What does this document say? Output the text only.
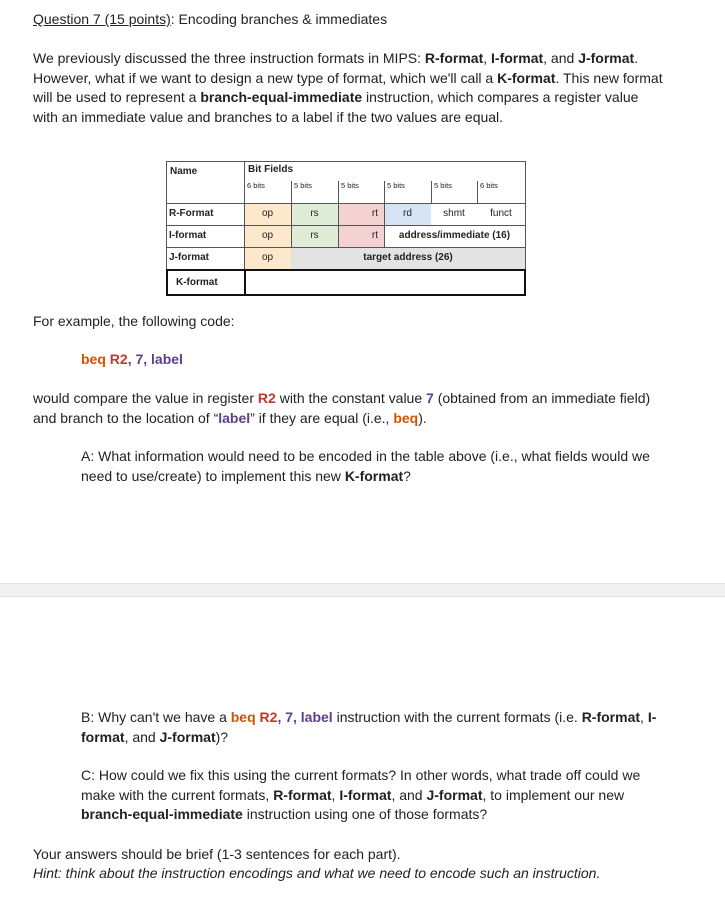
Question 7 (15 points): Encoding branches & immediates
We previously discussed the three instruction formats in MIPS: R-format, I-format, and J-format. However, what if we want to design a new type of format, which we'll call a K-format. This new format will be used to represent a branch-equal-immediate instruction, which compares a register value with an immediate value and branches to a label if the two values are equal.
Name	Bit Fields
6 bits	5 bits	5 bits	5 bits	5 bits	6 bits
R-Format	op	rs	rt	rd	shmt	funct
I-format	op	rs	rt	address/immediate (16)
J-format	op	target address (26)
K-format
For example, the following code:
beq R2, 7, label
would compare the value in register R2 with the constant value 7 (obtained from an immediate field) and branch to the location of “label” if they are equal (i.e., beq).
A: What information would need to be encoded in the table above (i.e., what fields would we need to use/create) to implement this new K-format?
B: Why can't we have a beq R2, 7, label instruction with the current formats (i.e. R-format, I-format, and J-format)?
C: How could we fix this using the current formats? In other words, what trade off could we make with the current formats, R-format, I-format, and J-format, to implement our new branch-equal-immediate instruction using one of those formats?
Your answers should be brief (1-3 sentences for each part).
Hint: think about the instruction encodings and what we need to encode such an instruction.
